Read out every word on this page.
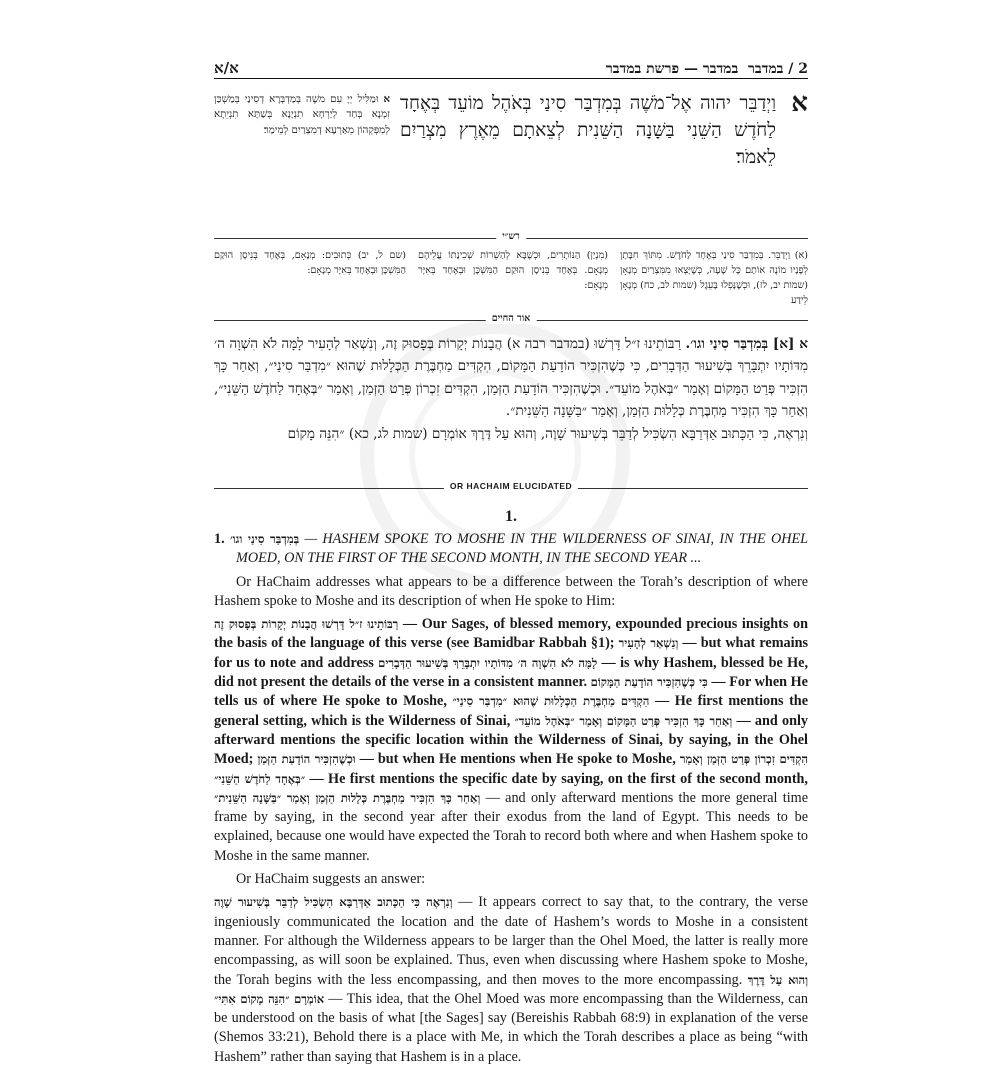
א/א	2 / במדבר  במדבר — פרשת במדבר
א וּמַלִּיל יְיָ עִם משֶׁה בְּמַדְבְּרָא דְסִינַי בְּמַשְׁכַּן זִמְנָא בְּחַד לְיַרְחָא תִנְיָנָא בְּשַׁתָּא תִנְיֵתָא לְמִפְּקְהוֹן מֵאַרְעָא דְמִצְרַיִם לְמֵימַר׃
וַיְדַבֵּר יהוה אֶל־מֹשֶׁה בְּמִדְבַּר סִינַי בְּאֹהֶל מוֹעֵד בְּאֶחָד לַחֹדֶשׁ הַשֵּׁנִי בַּשָּׁנָה הַשֵּׁנִית לְצֵאתָם מֵאֶרֶץ מִצְרַיִם לֵאמֹר׃
א
רש״י
(א) וַיְדַבֵּר. בְּמִדְבַּר סִינַי בְּאֶחָד לַחֹדֶשׁ. מִתּוֹךְ חִבָּתָן לְפָנָיו מוֹנֶה אוֹתָם כָּל שָׁעָה, כְּשֶׁיָּצְאוּ מִמִּצְרַיִם מְנָאָן (שמות יב, לז), וּכְשֶׁנָּפְלוּ בָּעֵגֶל (שמות לב, כח) מְנָאָן לֵידַע
(מִנְיַן) הַנּוֹתָרִים, וּכְשֶׁבָּא לְהַשְׁרוֹת שְׁכִינָתוֹ עֲלֵיהֶם מְנָאָם. בְּאֶחָד בְּנִיסָן הוּקַם הַמִּשְׁכָּן וּבְאֶחָד בְּאִיָּר מְנָאָם:
(שם ל, יב) כְּתוּבִים: מְנָאָם, בְּאֶחָד בְּנִיסָן הוּקַם הַמִּשְׁכָּן וּבְאֶחָד בְּאִיָּר מְנָאָם:
אור החיים
א [א] בְּמִדְבַּר סִינַי וגו׳. רַבּוֹתֵינוּ ז״ל דָּרְשׁוּ (במדבר רבה א) הֲבָנוֹת יְקָרוֹת בְּפָסוּק זֶה, וְנִשְׁאַר לְהָעִיר לָמָּה לֹא הִשְׁוָה ה׳ מִדּוֹתָיו יִתְבָּרֵךְ בְּשִׁיעוּר הַדְּבָרִים, כִּי כְּשֶׁהִזְכִּיר הוֹדָעַת הַמָּקוֹם, הִקְדִּים מַחְבֶּרֶת הַכְּלָלוּת שֶׁהוּא ״מִדְבַּר סִינַי״, וְאַחַר כָּךְ הִזְכִּיר פְּרַט הַמָּקוֹם וְאָמַר ״בְּאֹהֶל מוֹעֵד״. וּכְשֶׁהִזְכִּיר הוֹדָעַת הַזְּמַן, הִקְדִּים זִכְרוֹן פְּרַט הַזְּמַן, וְאָמַר ״בְּאֶחָד לַחֹדֶשׁ הַשֵּׁנִי״, וְאַחַר כָּךְ הִזְכִּיר מַחְבֶּרֶת כְּלָלוּת הַזְּמַן, וְאָמַר ״בַּשָּׁנָה הַשֵּׁנִית״.
וְנִרְאֶה, כִּי הַכָּתוּב אַדְּרַבָּא הִשְׂכִּיל לְדַבֵּר בְּשִׁיעוּר שָׁוֶה, וְהוּא עַל דֶּרֶךְ אוֹמְרָם (שמות לג, כא) ״הִנֵּה מָקוֹם
OR HACHAIM ELUCIDATED
1.

1. בְּמִדְבַּר סִינַי וגו׳ — HASHEM SPOKE TO MOSHE IN THE WILDERNESS OF SINAI, IN THE OHEL MOED, ON THE FIRST OF THE SECOND MONTH, IN THE SECOND YEAR ...

Or HaChaim addresses what appears to be a difference between the Torah’s description of where Hashem spoke to Moshe and its description of when He spoke to Him:

רַבּוֹתֵינוּ ז״ל דָּרְשׁוּ הֲבָנוֹת יְקָרוֹת בְּפָסוּק זֶה — Our Sages, of blessed memory, expounded precious insights on the basis of the language of this verse (see Bamidbar Rabbah §1); וְנִשְׁאַר לְהָעִיר — but what remains for us to note and address לָמָּה לֹא הִשְׁוָה ה׳ מִדּוֹתָיו יִתְבָּרֵךְ בְּשִׁיעוּר הַדְּבָרִים — is why Hashem, blessed be He, did not present the details of the verse in a consistent manner. כִּי כְּשֶׁהִזְכִּיר הוֹדָעַת הַמָּקוֹם — For when He tells us of where He spoke to Moshe, הִקְדִּים מַחְבֶּרֶת הַכְּלָלוּת שֶׁהוּא ״מִדְבַּר סִינַי״ — He first mentions the general setting, which is the Wilderness of Sinai, וְאַחַר כָּךְ הִזְכִּיר פְּרַט הַמָּקוֹם וְאָמַר ״בְּאֹהֶל מוֹעֵד״ — and only afterward mentions the specific location within the Wilderness of Sinai, by saying, in the Ohel Moed; וּכְשֶׁהִזְכִּיר הוֹדָעַת הַזְּמַן — but when He mentions when He spoke to Moshe, הִקְדִּים זִכְרוֹן פְּרַט הַזְּמַן וְאָמַר ״בְּאֶחָד לַחֹדֶשׁ הַשֵּׁנִי״ — He first mentions the specific date by saying, on the first of the second month, וְאַחַר כָּךְ הִזְכִּיר מַחְבֶּרֶת כְּלָלוּת הַזְּמַן וְאָמַר ״בַּשָּׁנָה הַשֵּׁנִית״ — and only afterward mentions the more general time frame by saying, in the second year after their exodus from the land of Egypt. This needs to be explained, because one would have expected the Torah to record both where and when Hashem spoke to Moshe in the same manner.

Or HaChaim suggests an answer:

וְנִרְאֶה כִּי הַכָּתוּב אַדְּרַבָּא הִשְׂכִּיל לְדַבֵּר בְּשִׁיעוּר שָׁוֶה — It appears correct to say that, to the contrary, the verse ingeniously communicated the location and the date of Hashem’s words to Moshe in a consistent manner. For although the Wilderness appears to be larger than the Ohel Moed, the latter is really more encompassing, as will soon be explained. Thus, even when discussing where Hashem spoke to Moshe, the Torah begins with the less encompassing, and then moves to the more encompassing. וְהוּא עַל דֶּרֶךְ אוֹמְרָם ״הִנֵּה מָקוֹם אִתִּי״ — This idea, that the Ohel Moed was more encompassing than the Wilderness, can be understood on the basis of what [the Sages] say (Bereishis Rabbah 68:9) in explanation of the verse (Shemos 33:21), Behold there is a place with Me, in which the Torah describes a place as being “with Hashem” rather than saying that Hashem is in a place.
